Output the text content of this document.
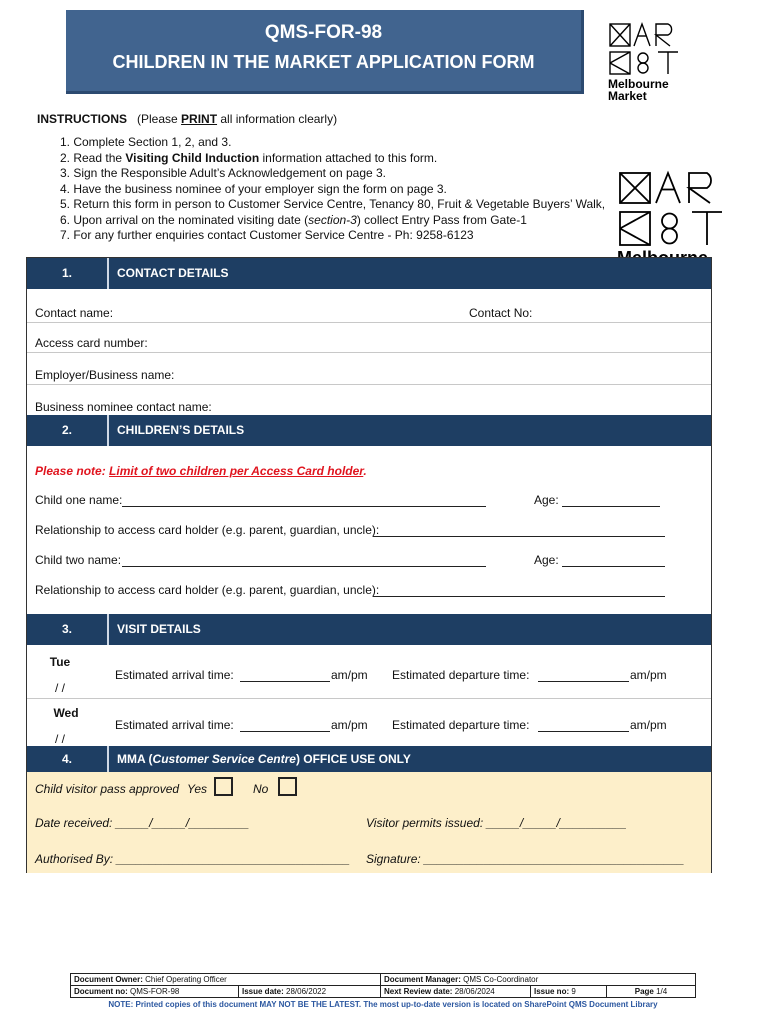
QMS-FOR-98
CHILDREN IN THE MARKET APPLICATION FORM
Melbourne
Market
INSTRUCTIONS (Please PRINT all information clearly)
1. Complete Section 1, 2, and 3.
2. Read the Visiting Child Induction information attached to this form.
3. Sign the Responsible Adult’s Acknowledgement on page 3.
4. Have the business nominee of your employer sign the form on page 3.
5. Return this form in person to Customer Service Centre, Tenancy 80, Fruit & Vegetable Buyers’ Walk,
6. Upon arrival on the nominated visiting date (section-3) collect Entry Pass from Gate-1
7. For any further enquiries contact Customer Service Centre - Ph: 9258-6123
1.	CONTACT DETAILS
Contact name:	Contact No:
Access card number:
Employer/Business name:
Business nominee contact name:
2.	CHILDREN’S DETAILS
Please note: Limit of two children per Access Card holder.
Child one name:	Age:
Relationship to access card holder (e.g. parent, guardian, uncle):
Child two name:	Age:
Relationship to access card holder (e.g. parent, guardian, uncle):
3.	VISIT DETAILS
Tue
/ /
Estimated arrival time:	am/pm Estimated departure time:	am/pm
Wed
/ /
Estimated arrival time:	am/pm Estimated departure time:	am/pm
4.	MMA (Customer Service Centre) OFFICE USE ONLY
Child visitor pass approved Yes	No
Date received: _____/_____/_________	Visitor permits issued: _____/_____/__________
Authorised By: ___________________________________ Signature: _______________________________________
Document Owner: Chief Operating Officer		Document Manager: QMS Co-Coordinator		
Document no: QMS-FOR-98	Issue date: 28/06/2022	Next Review date: 28/06/2024	Issue no: 9	Page 1/4
NOTE: Printed copies of this document MAY NOT BE THE LATEST. The most up-to-date version is located on SharePoint QMS Document Library
